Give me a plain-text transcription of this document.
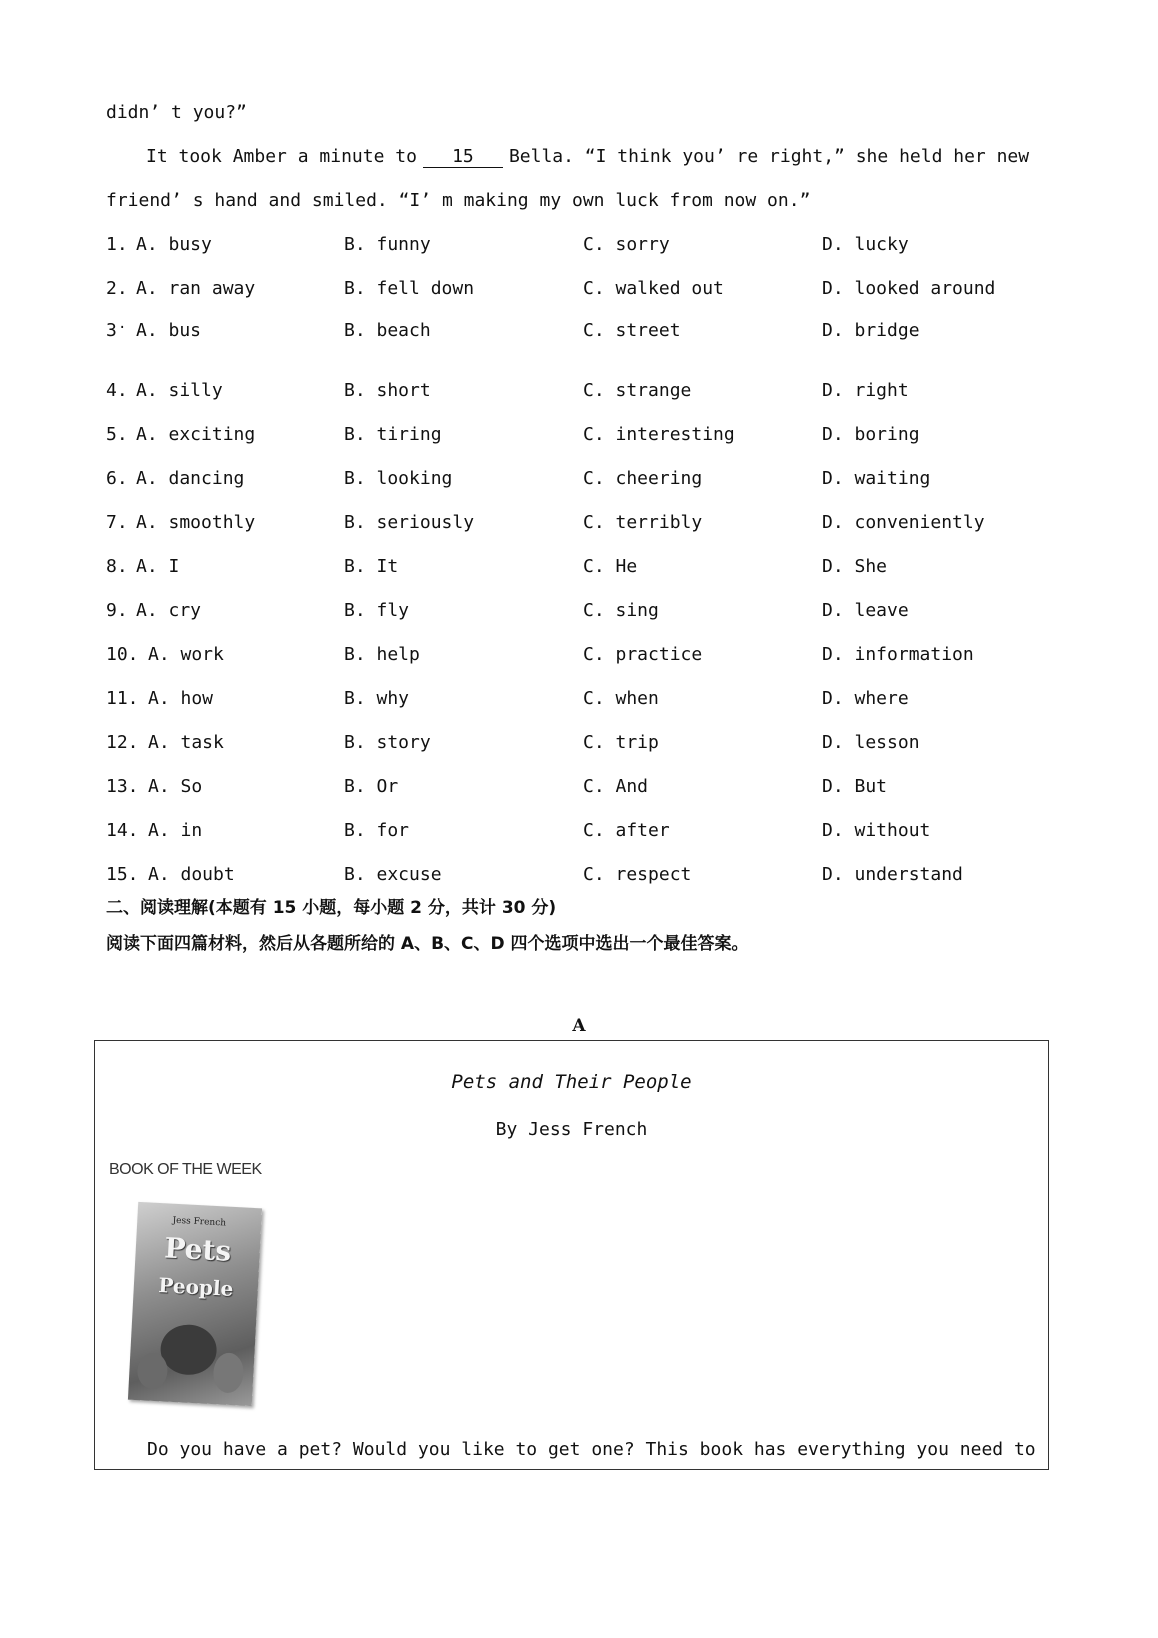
didn’ t you?”
It took Amber a minute to 15 Bella. “I think you’ re right,” she held her new
friend’ s hand and smiled. “I’ m making my own luck from now on.”
1. A. busy	B. funny	C. sorry	D. lucky
2. A. ran away	B. fell down	C. walked out	D. looked around
3 A. bus	B. beach	C. street	D. bridge
·
4. A. silly	B. short	C. strange	D. right
5. A. exciting	B. tiring	C. interesting	D. boring
6. A. dancing	B. looking	C. cheering	D. waiting
7. A. smoothly	B. seriously	C. terribly	D. conveniently
8. A. I	B. It	C. He	D. She
9. A. cry	B. fly	C. sing	D. leave
10. A. work	B. help	C. practice	D. information
11. A. how	B. why	C. when	D. where
12. A. task	B. story	C. trip	D. lesson
13. A. So	B. Or	C. And	D. But
14. A. in	B. for	C. after	D. without
15. A. doubt	B. excuse	C. respect	D. understand
二、阅读理解(本题有 15 小题，每小题 2 分，共计 30 分)
阅读下面四篇材料，然后从各题所给的 A、B、C、D 四个选项中选出一个最佳答案。
A
Pets and Their People
By Jess French
BOOK OF THE WEEK
Jess French
Pets
People
Do you have a pet? Would you like to get one? This book has everything you need to
